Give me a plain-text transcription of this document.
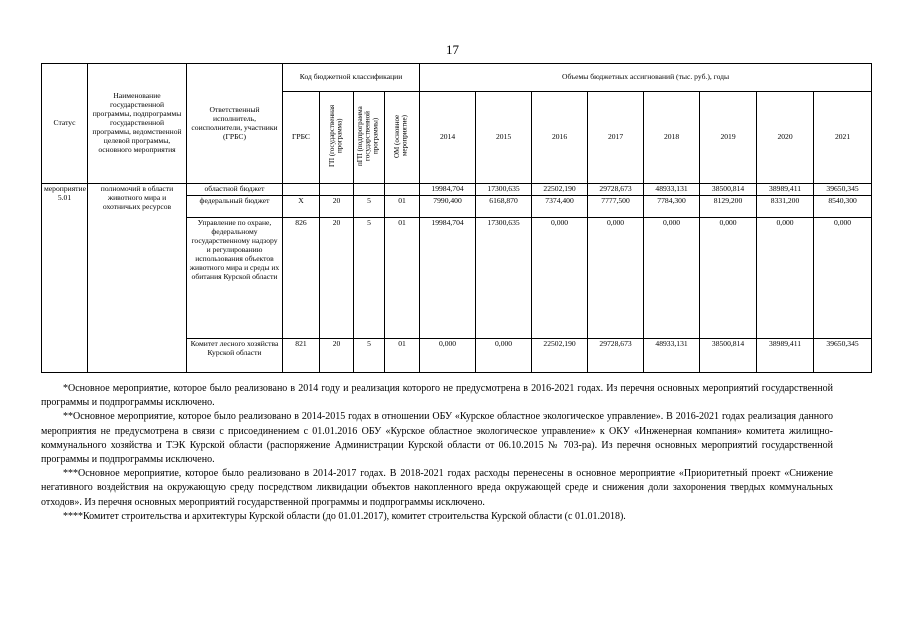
17
Статус	Наименование государственной программы, подпрограммы государственной программы, ведомственной целевой программы, основного мероприятия	Ответственный исполнитель, соисполнители, участники (ГРБС)	Код бюджетной классификации				Объемы бюджетных ассигнований (тыс. руб.), годы							
			ГРБС	ГП (государственная программа)	пГП (подпрограмма государственной программы)	ОМ (основное мероприятие)	2014	2015	2016	2017	2018	2019	2020	2021
мероприятие 5.01	полномочий в области животного мира и охотничьих ресурсов	областной бюджет					19984,704	17300,635	22502,190	29728,673	48933,131	38500,814	38989,411	39650,345
		федеральный бюджет	Х	20	5	01	7990,400	6168,870	7374,400	7777,500	7784,300	8129,200	8331,200	8540,300
		Управление по охране, федеральному государственному надзору и регулированию использования объектов животного мира и среды их обитания Курской области	826	20	5	01	19984,704	17300,635	0,000	0,000	0,000	0,000	0,000	0,000
		Комитет лесного хозяйства Курской области	821	20	5	01	0,000	0,000	22502,190	29728,673	48933,131	38500,814	38989,411	39650,345

*Основное мероприятие, которое было реализовано в 2014 году и реализация которого не предусмотрена в 2016-2021 годах. Из перечня основных мероприятий государственной программы и подпрограммы исключено.

**Основное мероприятие, которое было реализовано в 2014-2015 годах в отношении ОБУ «Курское областное экологическое управление». В 2016-2021 годах реализация данного мероприятия не предусмотрена в связи с присоединением с 01.01.2016 ОБУ «Курское областное экологическое управление» к ОКУ «Инженерная компания» комитета жилищно-коммунального хозяйства и ТЭК Курской области (распоряжение Администрации Курской области от 06.10.2015 № 703-ра). Из перечня основных мероприятий государственной программы и подпрограммы исключено.

***Основное мероприятие, которое было реализовано в 2014-2017 годах. В 2018-2021 годах расходы перенесены в основное мероприятие «Приоритетный проект «Снижение негативного воздействия на окружающую среду посредством ликвидации объектов накопленного вреда окружающей среде и снижения доли захоронения твердых коммунальных отходов». Из перечня основных мероприятий государственной программы и подпрограммы исключено.

****Комитет строительства и архитектуры Курской области (до 01.01.2017), комитет строительства Курской области (с 01.01.2018).
